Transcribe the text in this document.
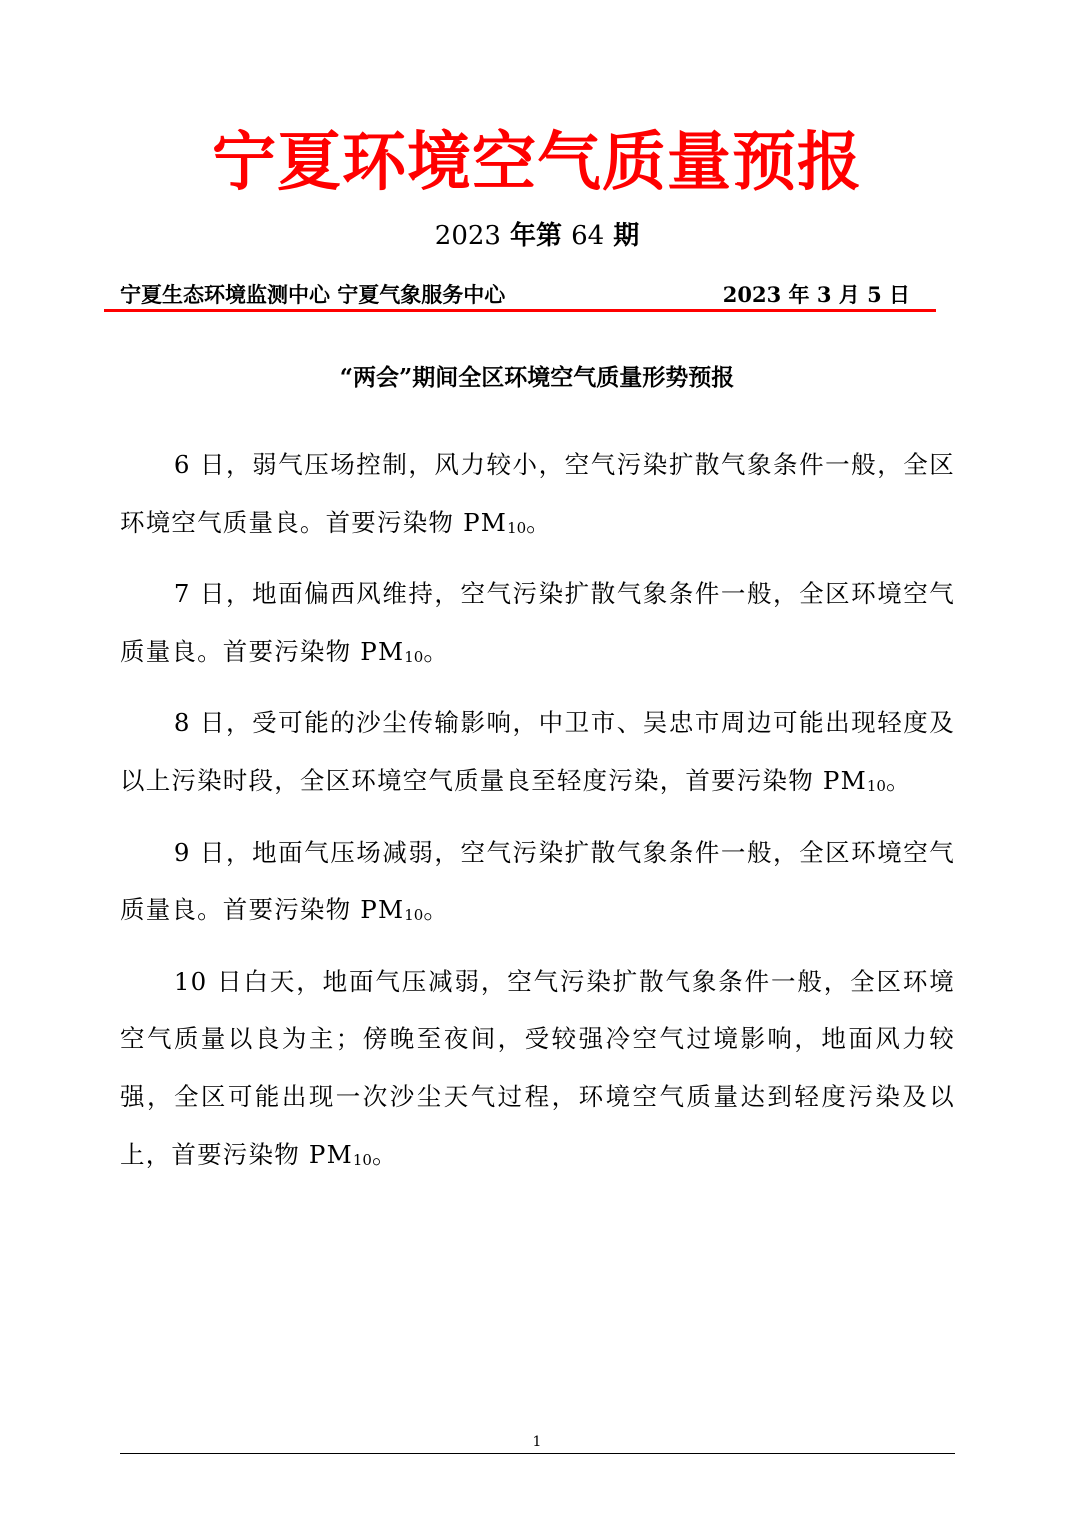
宁夏环境空气质量预报
2023 年第 64 期
宁夏生态环境监测中心 宁夏气象服务中心	2023 年 3 月 5 日
“两会”期间全区环境空气质量形势预报

6 日，弱气压场控制，风力较小，空气污染扩散气象条件一般，全区环境空气质量良。首要污染物 $PM_{10}$。

7 日，地面偏西风维持，空气污染扩散气象条件一般，全区环境空气质量良。首要污染物 $PM_{10}$。

8 日，受可能的沙尘传输影响，中卫市、吴忠市周边可能出现轻度及以上污染时段，全区环境空气质量良至轻度污染，首要污染物 $PM_{10}$。

9 日，地面气压场减弱，空气污染扩散气象条件一般，全区环境空气质量良。首要污染物 $PM_{10}$。

10 日白天，地面气压减弱，空气污染扩散气象条件一般，全区环境空气质量以良为主；傍晚至夜间，受较强冷空气过境影响，地面风力较强，全区可能出现一次沙尘天气过程，环境空气质量达到轻度污染及以上，首要污染物 $PM_{10}$。

1
